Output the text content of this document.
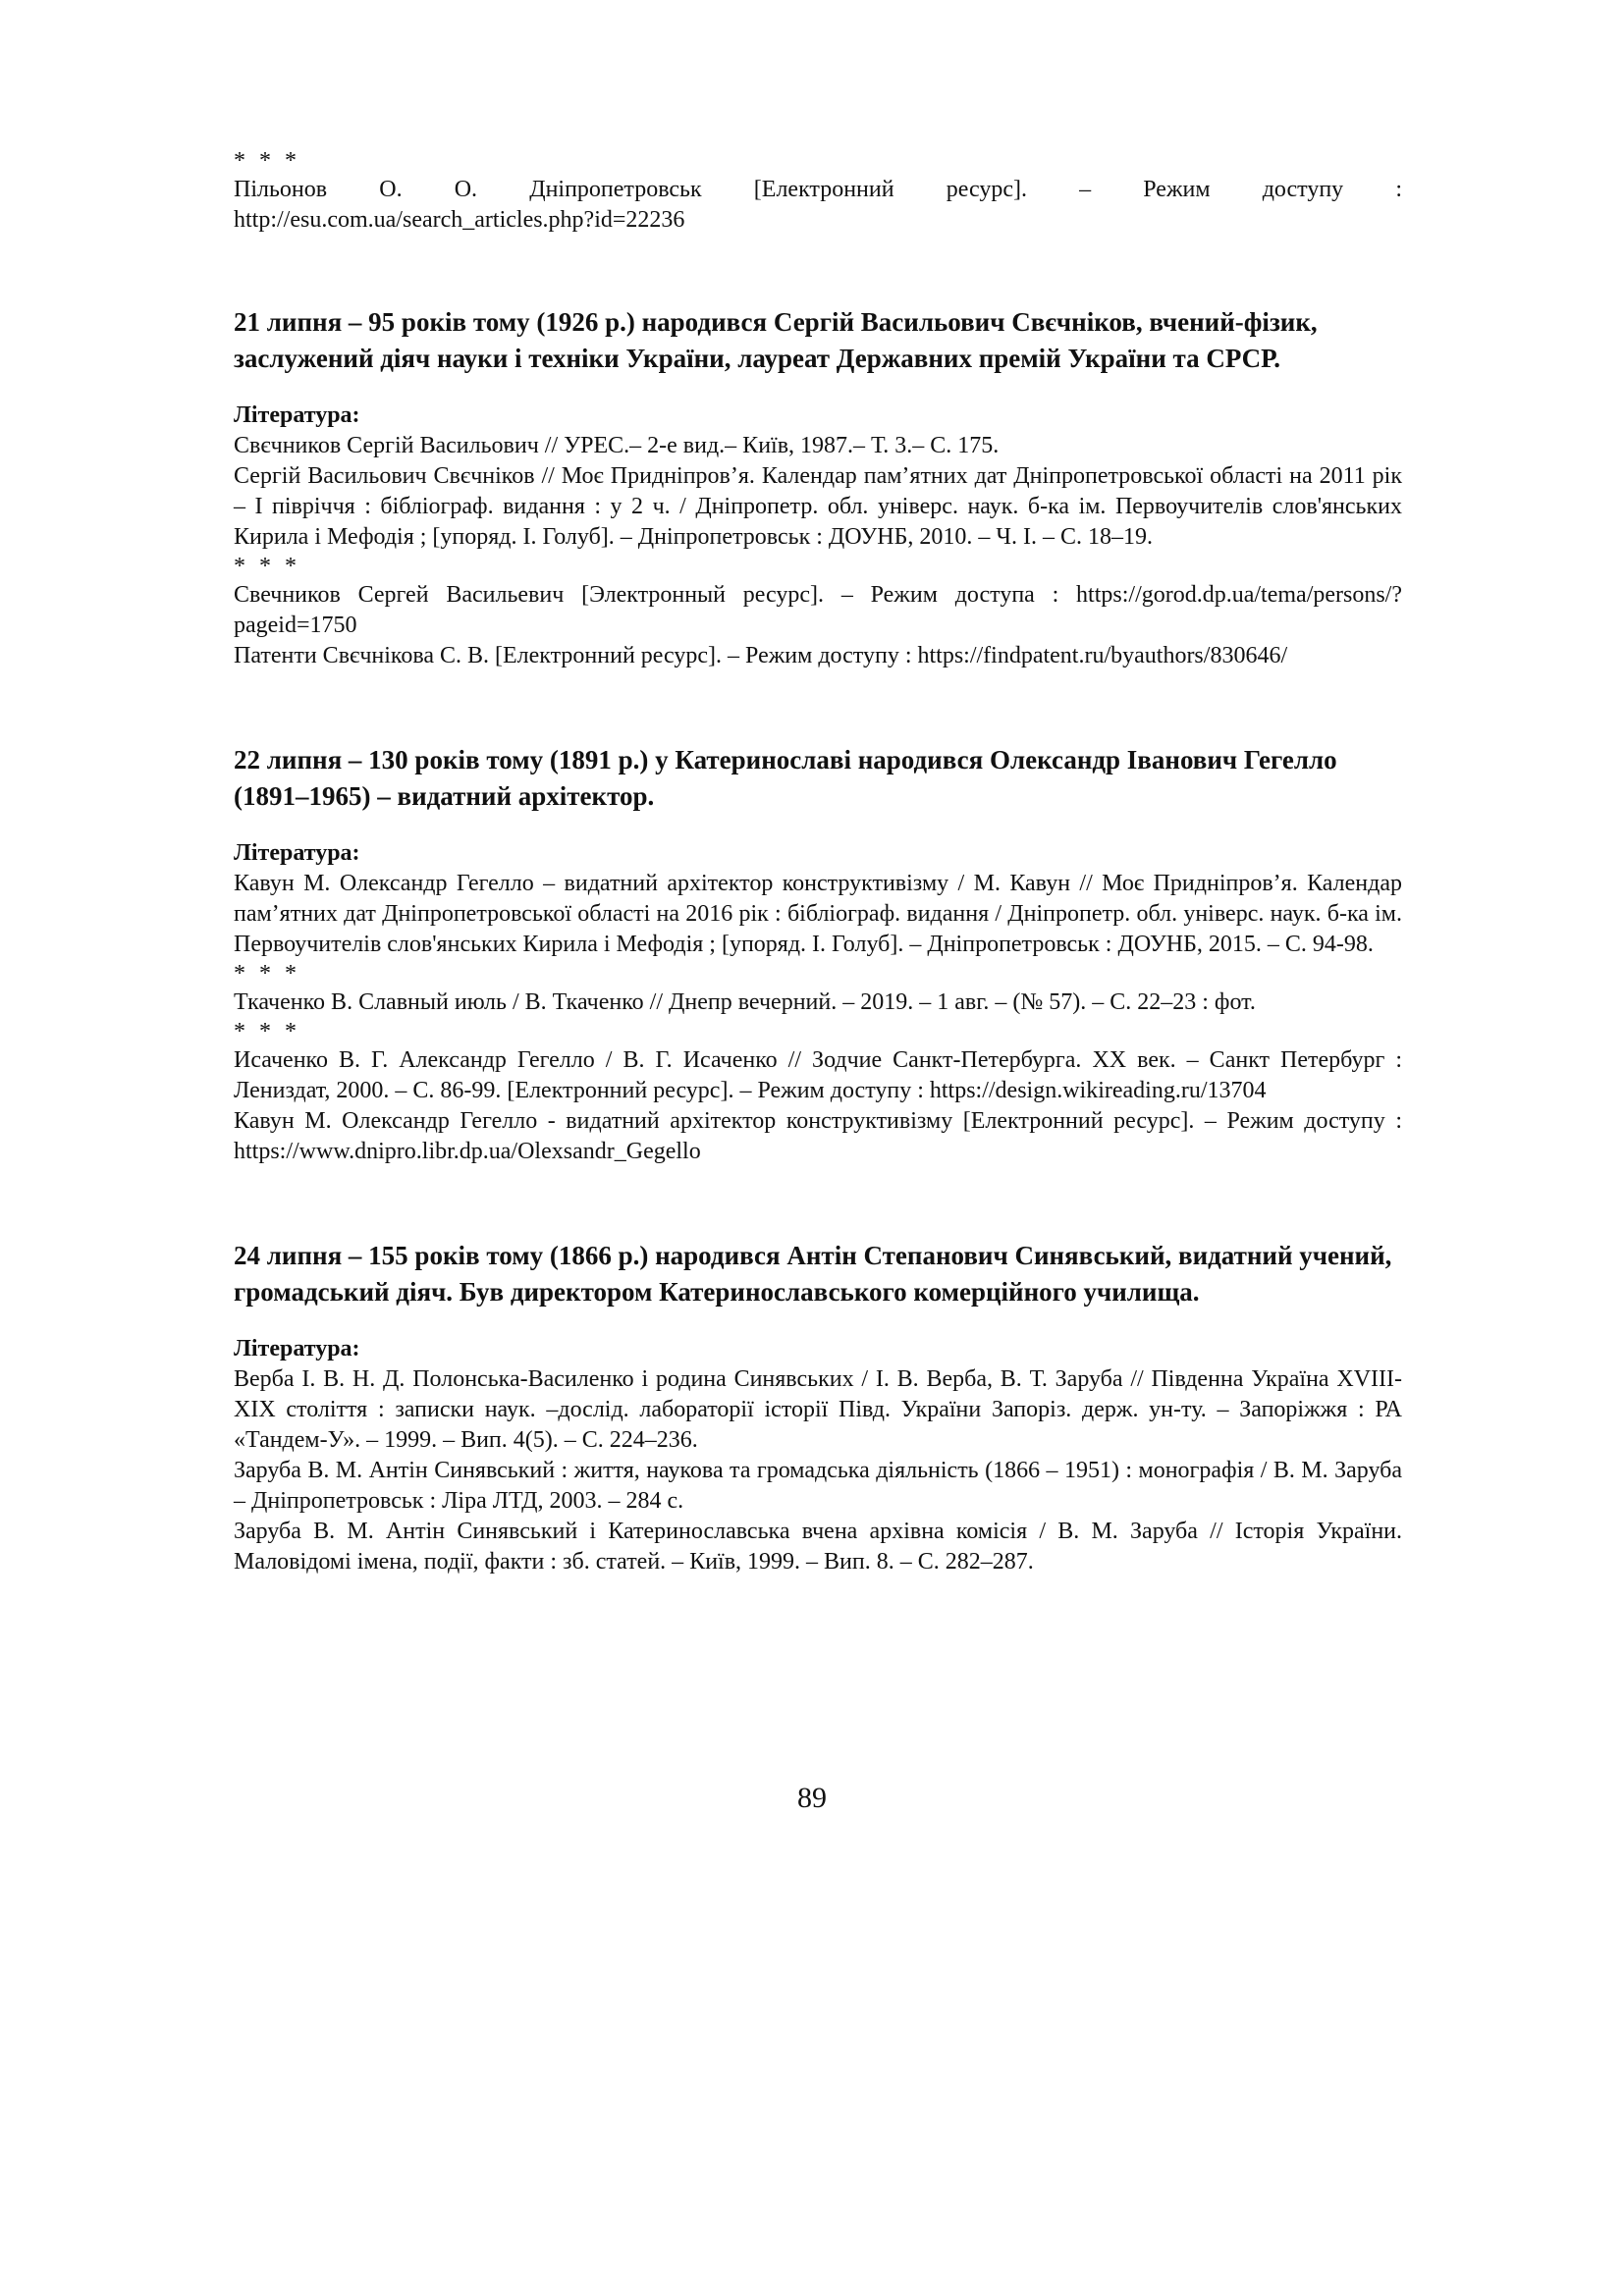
* * *

Пільонов О. О. Дніпропетровськ [Електронний ресурс]. – Режим доступу :

http://esu.com.ua/search_articles.php?id=22236

21 липня – 95 років тому (1926 р.) народився Сергій Васильович Свєчніков, вчений-фізик, заслужений діяч науки і техніки України, лауреат Державних премій України та СРСР.

Література:

Свєчников Сергій Васильович // УРЕС.– 2-е вид.– Київ, 1987.– Т. 3.– С. 175.

Сергій Васильович Свєчніков // Моє Придніпров’я. Календар пам’ятних дат Дніпропетровської області на 2011 рік – І півріччя : бібліограф. видання : у 2 ч. / Дніпропетр. обл. універс. наук. б-ка ім. Первоучителів слов'янських Кирила і Мефодія ; [упоряд. І. Голуб]. – Дніпропетровськ : ДОУНБ, 2010. – Ч. І. – С. 18–19.

* * *

Свечников Сергей Васильевич [Электронный ресурс]. – Режим доступа : https://gorod.dp.ua/tema/persons/?pageid=1750

Патенти Свєчнікова С. В. [Електронний ресурс]. – Режим доступу : https://findpatent.ru/byauthors/830646/

22 липня – 130 років тому (1891 р.) у Катеринославі народився Олександр Іванович Гегелло (1891–1965) – видатний архітектор.

Література:

Кавун М. Олександр Гегелло – видатний архітектор конструктивізму / М. Кавун // Моє Придніпров’я. Календар пам’ятних дат Дніпропетровської області на 2016 рік : бібліограф. видання / Дніпропетр. обл. універс. наук. б-ка ім. Первоучителів слов'янських Кирила і Мефодія ; [упоряд. І. Голуб]. – Дніпропетровськ : ДОУНБ, 2015. – С. 94-98.

* * *

Ткаченко В. Славный июль / В. Ткаченко // Днепр вечерний. – 2019. – 1 авг. – (№ 57). – С. 22–23 : фот.

* * *

Исаченко В. Г. Александр Гегелло / В. Г. Исаченко // Зодчие Санкт-Петербурга. XX век. – Санкт Петербург : Лениздат, 2000. – С. 86-99. [Електронний ресурс]. – Режим доступу : https://design.wikireading.ru/13704

Кавун М. Олександр Гегелло - видатний архітектор конструктивізму [Електронний ресурс]. – Режим доступу : https://www.dnipro.libr.dp.ua/Olexsandr_Gegello

24 липня – 155 років тому (1866 р.) народився Антін Степанович Синявський, видатний учений, громадський діяч. Був директором Катеринославського комерційного училища.

Література:

Верба І. В. Н. Д. Полонська-Василенко і родина Синявських / І. В. Верба, В. Т. Заруба // Південна Україна XVIII-XIX століття : записки наук. –дослід. лабораторії історії Півд. України Запоріз. держ. ун-ту. – Запоріжжя : РА «Тандем-У». – 1999. – Вип. 4(5). – С. 224–236.

Заруба В. М. Антін Синявський : життя, наукова та громадська діяльність (1866 – 1951) : монографія / В. М. Заруба – Дніпропетровськ : Ліра ЛТД, 2003. – 284 с.

Заруба В. М. Антін Синявський і Катеринославська вчена архівна комісія / В. М. Заруба // Історія України. Маловідомі імена, події, факти : зб. статей. – Київ, 1999. – Вип. 8. – С. 282–287.

89
